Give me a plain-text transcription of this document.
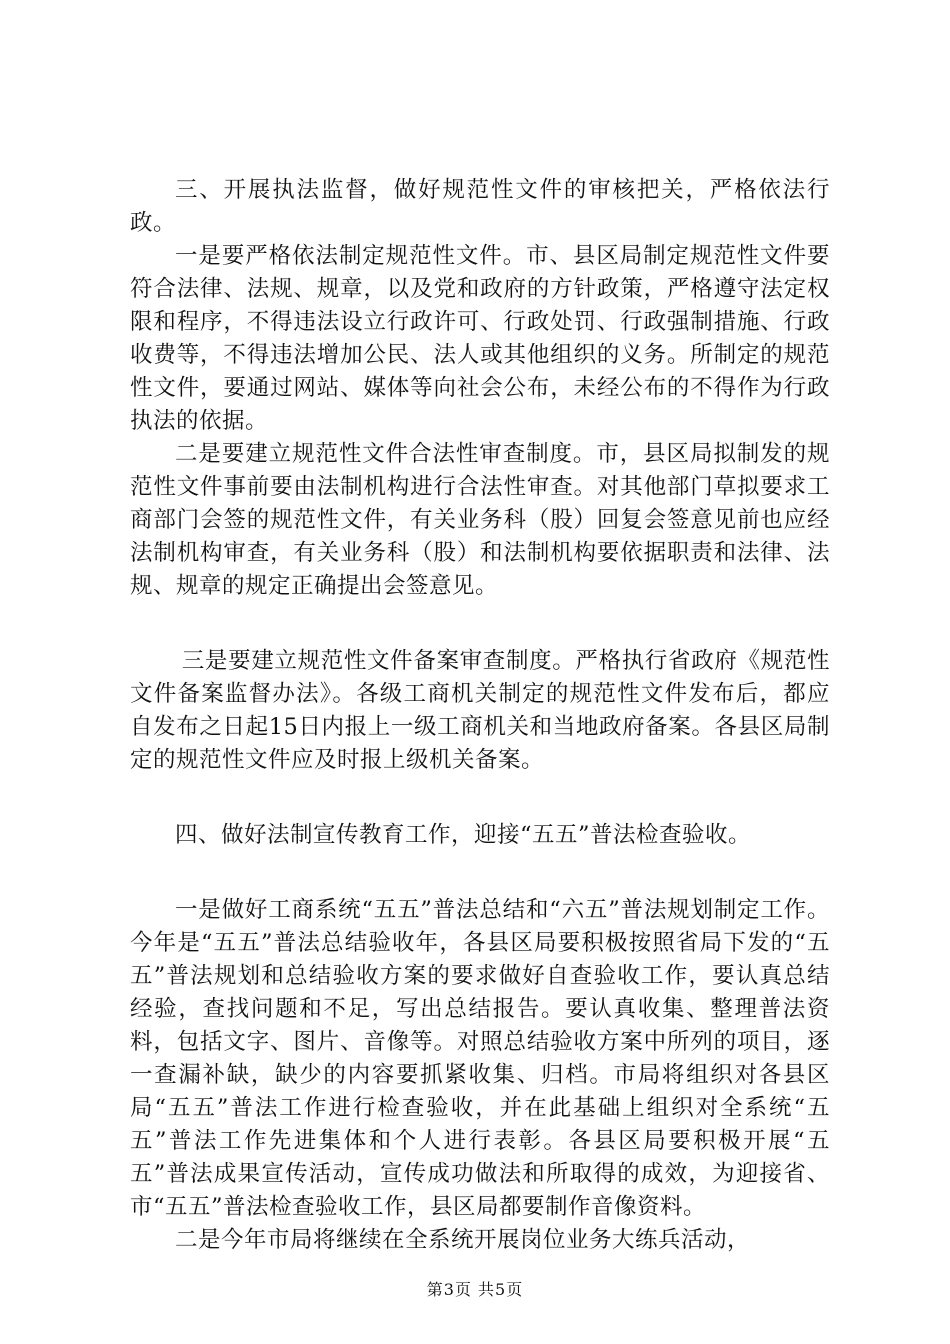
三、开展执法监督，做好规范性文件的审核把关，严格依法行政。

一是要严格依法制定规范性文件。市、县区局制定规范性文件要符合法律、法规、规章，以及党和政府的方针政策，严格遵守法定权限和程序，不得违法设立行政许可、行政处罚、行政强制措施、行政收费等，不得违法增加公民、法人或其他组织的义务。所制定的规范性文件，要通过网站、媒体等向社会公布，未经公布的不得作为行政执法的依据。

二是要建立规范性文件合法性审查制度。市，县区局拟制发的规范性文件事前要由法制机构进行合法性审查。对其他部门草拟要求工商部门会签的规范性文件，有关业务科（股）回复会签意见前也应经法制机构审查，有关业务科（股）和法制机构要依据职责和法律、法规、规章的规定正确提出会签意见。

三是要建立规范性文件备案审查制度。严格执行省政府《规范性文件备案监督办法》。各级工商机关制定的规范性文件发布后，都应自发布之日起15日内报上一级工商机关和当地政府备案。各县区局制定的规范性文件应及时报上级机关备案。

四、做好法制宣传教育工作，迎接“五五”普法检查验收。

一是做好工商系统“五五”普法总结和“六五”普法规划制定工作。今年是“五五”普法总结验收年，各县区局要积极按照省局下发的“五五”普法规划和总结验收方案的要求做好自查验收工作，要认真总结经验，查找问题和不足，写出总结报告。要认真收集、整理普法资料，包括文字、图片、音像等。对照总结验收方案中所列的项目，逐一查漏补缺，缺少的内容要抓紧收集、归档。市局将组织对各县区局“五五”普法工作进行检查验收，并在此基础上组织对全系统“五五”普法工作先进集体和个人进行表彰。各县区局要积极开展“五五”普法成果宣传活动，宣传成功做法和所取得的成效，为迎接省、市“五五”普法检查验收工作，县区局都要制作音像资料。

二是今年市局将继续在全系统开展岗位业务大练兵活动，

第3页 共5页
